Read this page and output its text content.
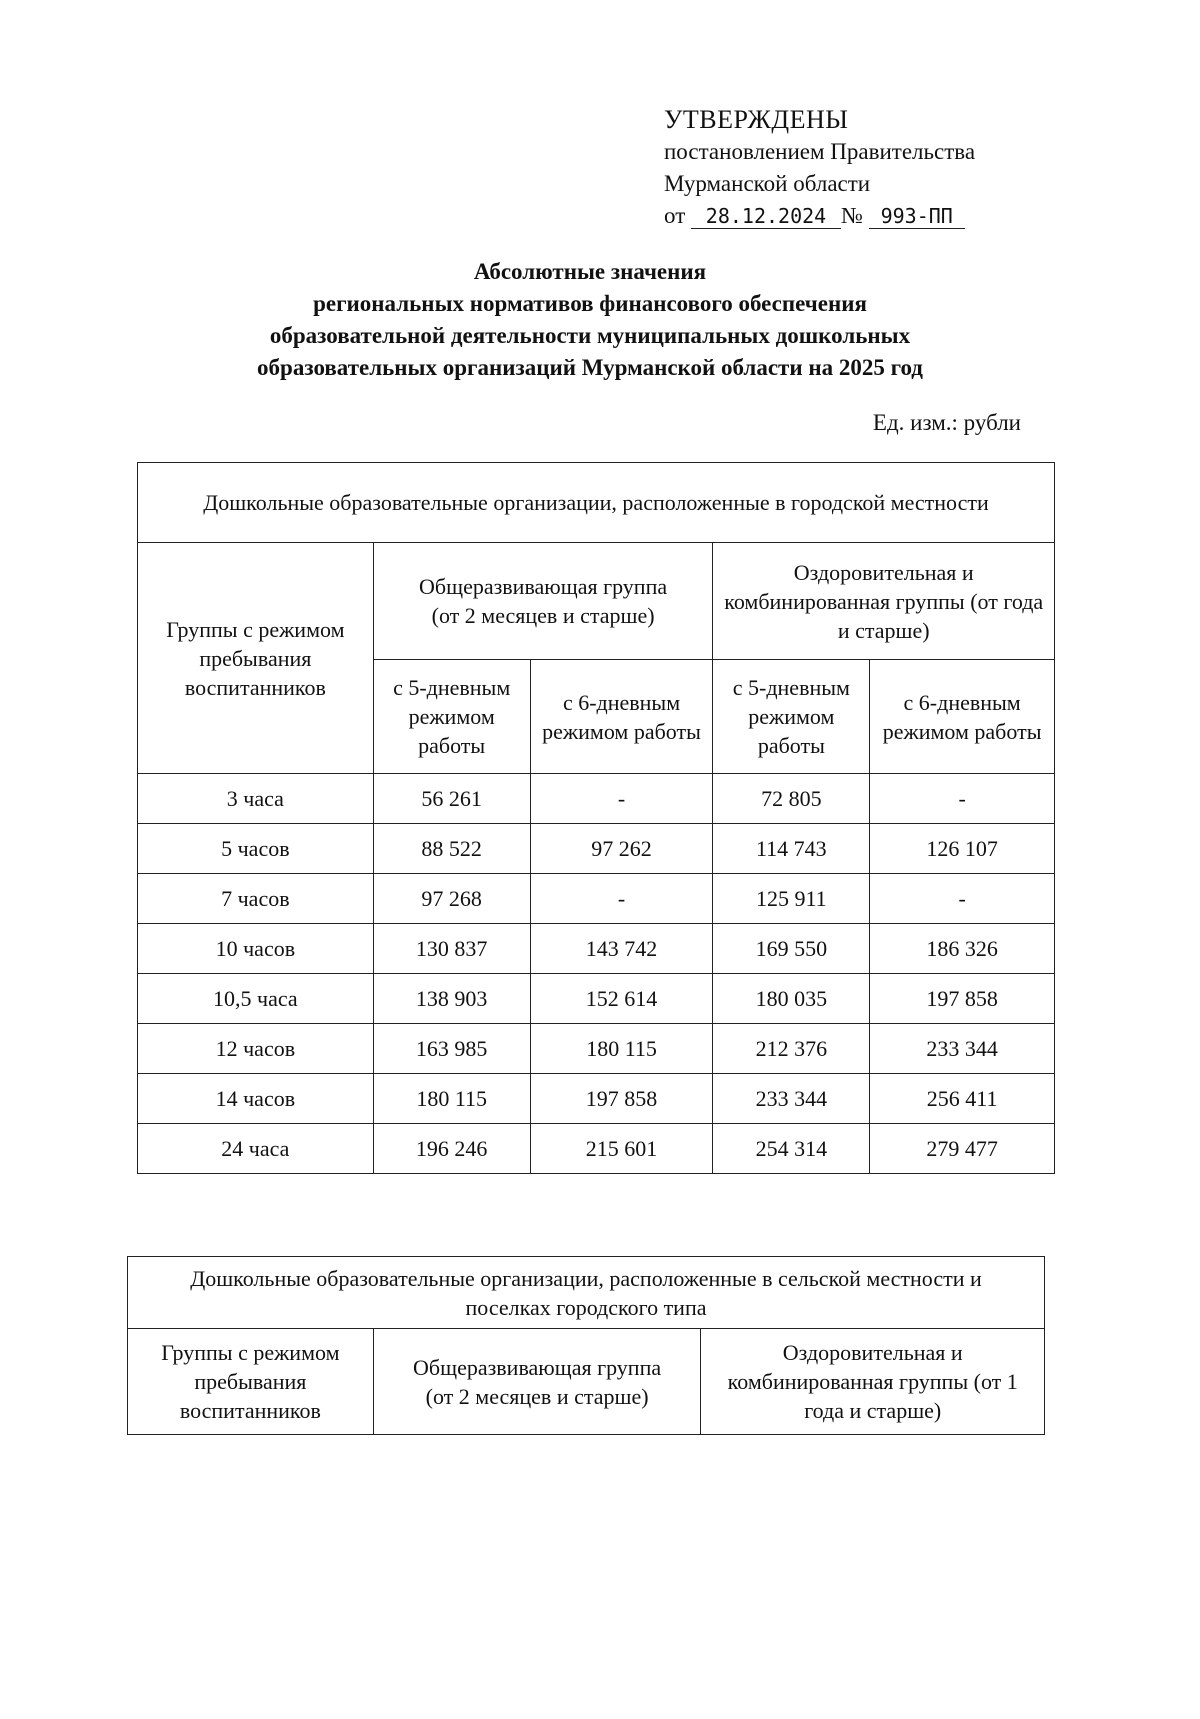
УТВЕРЖДЕНЫ
постановлением Правительства
Мурманской области
от 28.12.2024 № 993-ПП
Абсолютные значения
региональных нормативов финансового обеспечения
образовательной деятельности муниципальных дошкольных
образовательных организаций Мурманской области на 2025 год
Ед. изм.: рубли
Дошкольные образовательные организации, расположенные в городской местности				
Группы с режимом пребывания воспитанников	Общеразвивающая группа (от 2 месяцев и старше)		Оздоровительная и комбинированная группы (от года и старше)	
	с 5-дневным режимом работы	с 6-дневным режимом работы	с 5-дневным режимом работы	с 6-дневным режимом работы
3 часа	56 261	-	72 805	-
5 часов	88 522	97 262	114 743	126 107
7 часов	97 268	-	125 911	-
10 часов	130 837	143 742	169 550	186 326
10,5 часа	138 903	152 614	180 035	197 858
12 часов	163 985	180 115	212 376	233 344
14 часов	180 115	197 858	233 344	256 411
24 часа	196 246	215 601	254 314	279 477
Дошкольные образовательные организации, расположенные в сельской местности и поселках городского типа
Группы с режимом пребывания воспитанников	Общеразвивающая группа (от 2 месяцев и старше)	Оздоровительная и комбинированная группы (от 1 года и старше)
